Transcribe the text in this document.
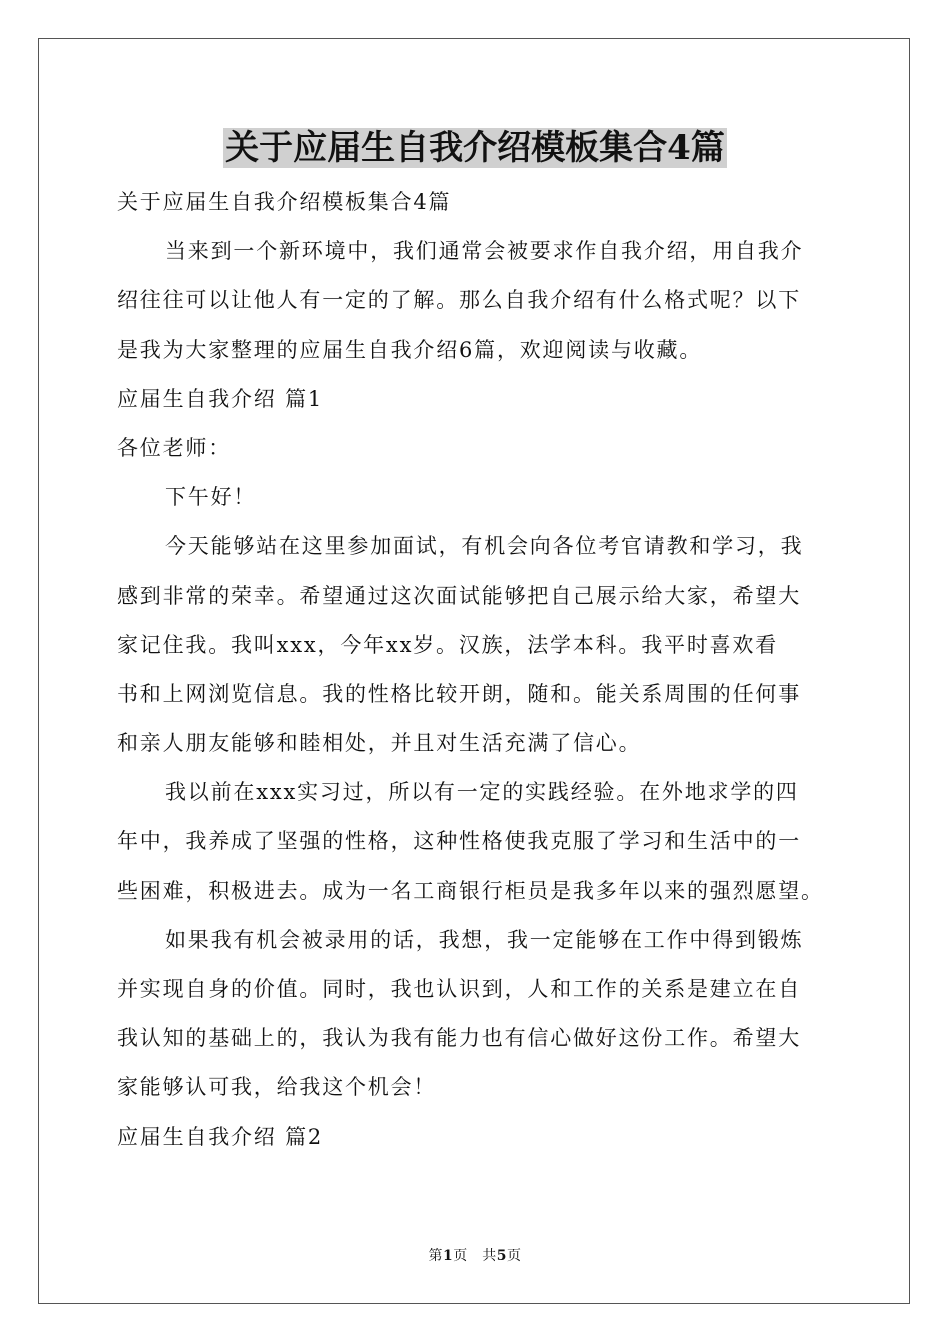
关于应届生自我介绍模板集合4篇
关于应届生自我介绍模板集合4篇
当来到一个新环境中，我们通常会被要求作自我介绍，用自我介
绍往往可以让他人有一定的了解。那么自我介绍有什么格式呢？以下
是我为大家整理的应届生自我介绍6篇，欢迎阅读与收藏。
应届生自我介绍 篇1
各位老师：
下午好！
今天能够站在这里参加面试，有机会向各位考官请教和学习，我
感到非常的荣幸。希望通过这次面试能够把自己展示给大家，希望大
家记住我。我叫xxx，今年xx岁。汉族，法学本科。我平时喜欢看
书和上网浏览信息。我的性格比较开朗，随和。能关系周围的任何事
和亲人朋友能够和睦相处，并且对生活充满了信心。
我以前在xxx实习过，所以有一定的实践经验。在外地求学的四
年中，我养成了坚强的性格，这种性格使我克服了学习和生活中的一
些困难，积极进去。成为一名工商银行柜员是我多年以来的强烈愿望。
如果我有机会被录用的话，我想，我一定能够在工作中得到锻炼
并实现自身的价值。同时，我也认识到，人和工作的关系是建立在自
我认知的基础上的，我认为我有能力也有信心做好这份工作。希望大
家能够认可我，给我这个机会！
应届生自我介绍 篇2
第1页　共5页
